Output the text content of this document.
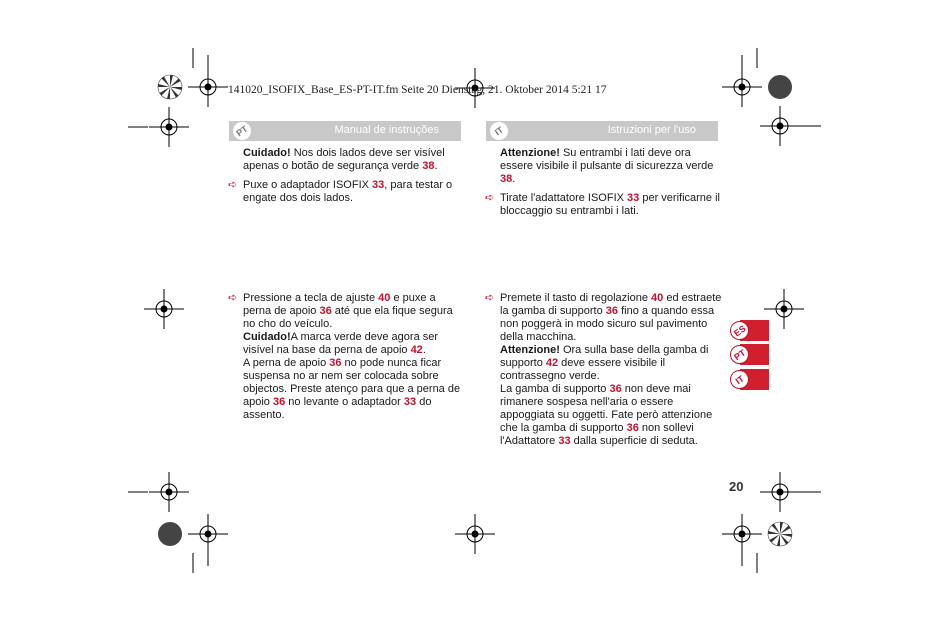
141020_ISOFIX_Base_ES-PT-IT.fm Seite 20 Dienstag, 21. Oktober 2014 5:21 17
PT	Manual de instruções	IT	Istruzioni per l'uso

Cuidado! Nos dois lados deve ser visível apenas o botão de segurança verde 38.

➪ Puxe o adaptador ISOFIX 33, para testar o engate dos dois lados.

➪ Pressione a tecla de ajuste 40 e puxe a perna de apoio 36 até que ela fique segura no cho do veículo.
Cuidado!A marca verde deve agora ser visível na base da perna de apoio 42.
A perna de apoio 36 no pode nunca ficar suspensa no ar nem ser colocada sobre objectos. Preste atenço para que a perna de apoio 36 no levante o adaptador 33 do assento.

Attenzione! Su entrambi i lati deve ora essere visibile il pulsante di sicurezza verde 38.

➪ Tirate l'adattatore ISOFIX 33 per verificarne il bloccaggio su entrambi i lati.

➪ Premete il tasto di regolazione 40 ed estraete la gamba di supporto 36 fino a quando essa non poggerà in modo sicuro sul pavimento della macchina.
Attenzione! Ora sulla base della gamba di supporto 42 deve essere visibile il contrassegno verde.
La gamba di supporto 36 non deve mai rimanere sospesa nell'aria o essere appoggiata su oggetti. Fate però attenzione che la gamba di supporto 36 non sollevi l'Adattatore 33 dalla superficie di seduta.

ES
PT
IT
20
